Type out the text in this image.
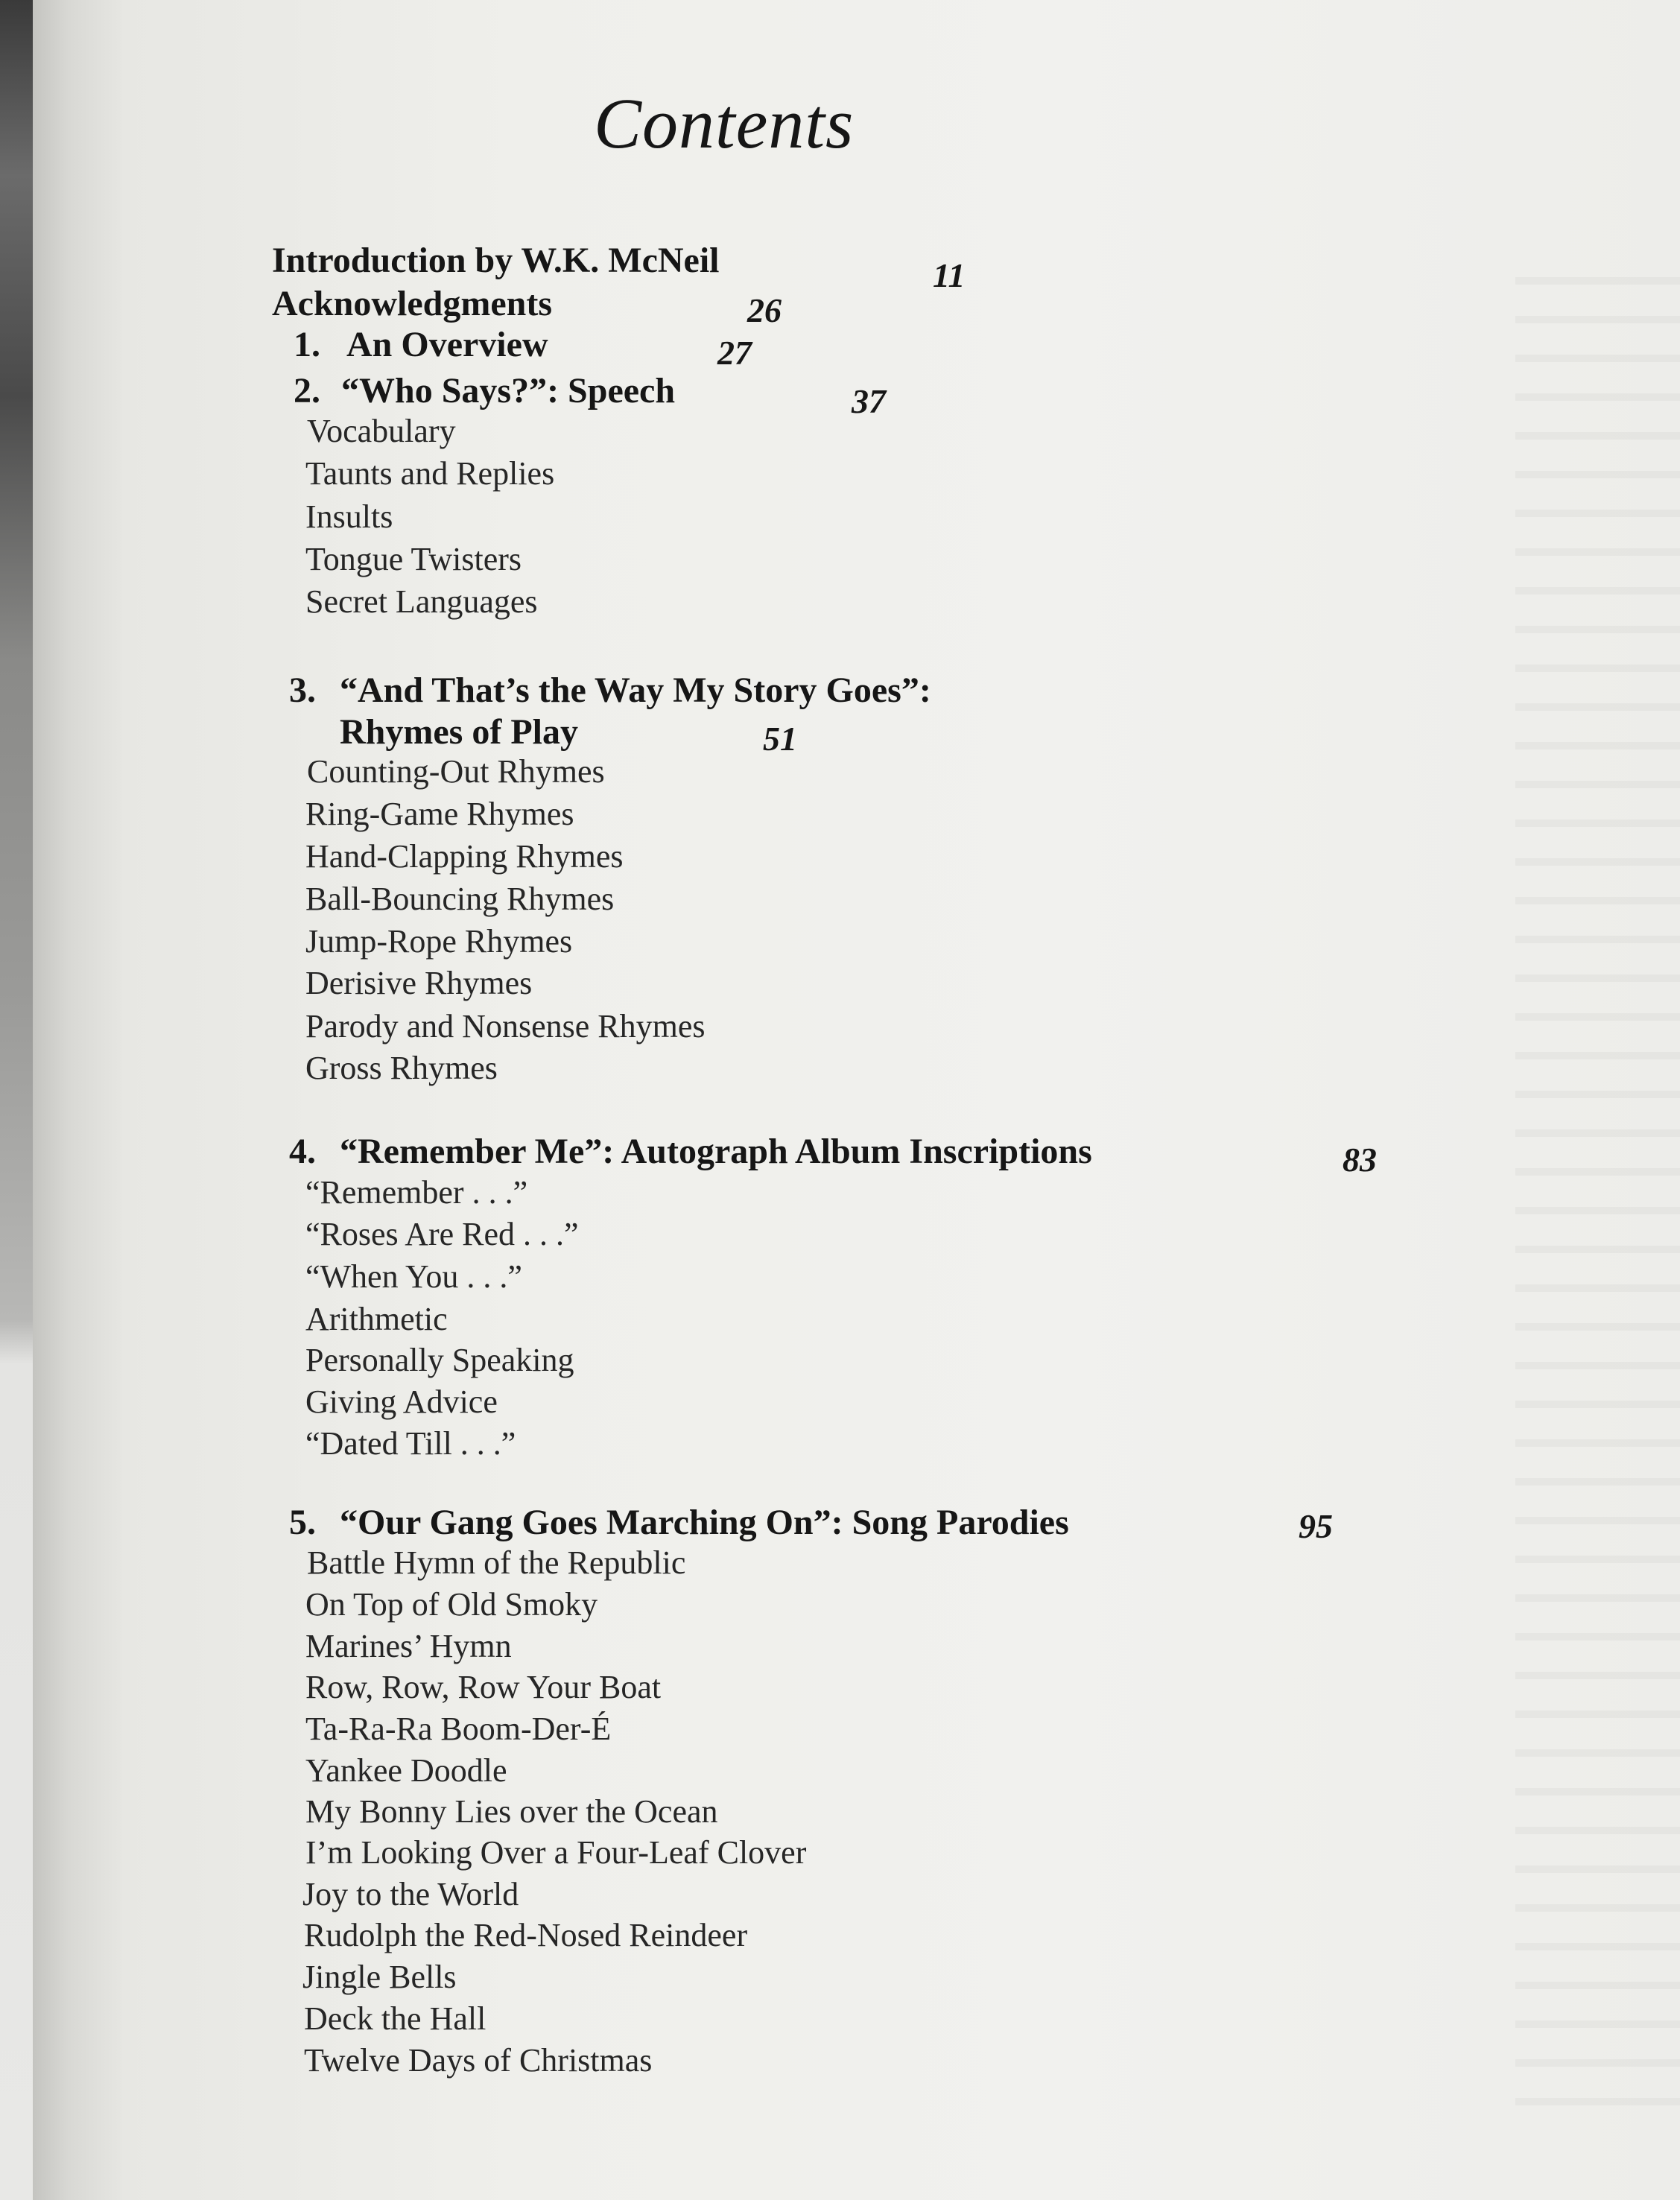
Contents
Introduction by W.K. McNeil	11
Acknowledgments	26
1. An Overview	27
2. “Who Says?”: Speech	37
Vocabulary
Taunts and Replies
Insults
Tongue Twisters
Secret Languages
3. “And That’s the Way My Story Goes”:
Rhymes of Play	51
Counting-Out Rhymes
Ring-Game Rhymes
Hand-Clapping Rhymes
Ball-Bouncing Rhymes
Jump-Rope Rhymes
Derisive Rhymes
Parody and Nonsense Rhymes
Gross Rhymes
4. “Remember Me”: Autograph Album Inscriptions	83
“Remember . . .”
“Roses Are Red . . .”
“When You . . .”
Arithmetic
Personally Speaking
Giving Advice
“Dated Till . . .”
5. “Our Gang Goes Marching On”: Song Parodies	95
Battle Hymn of the Republic
On Top of Old Smoky
Marines’ Hymn
Row, Row, Row Your Boat
Ta-Ra-Ra Boom-Der-É
Yankee Doodle
My Bonny Lies over the Ocean
I’m Looking Over a Four-Leaf Clover
Joy to the World
Rudolph the Red-Nosed Reindeer
Jingle Bells
Deck the Hall
Twelve Days of Christmas
